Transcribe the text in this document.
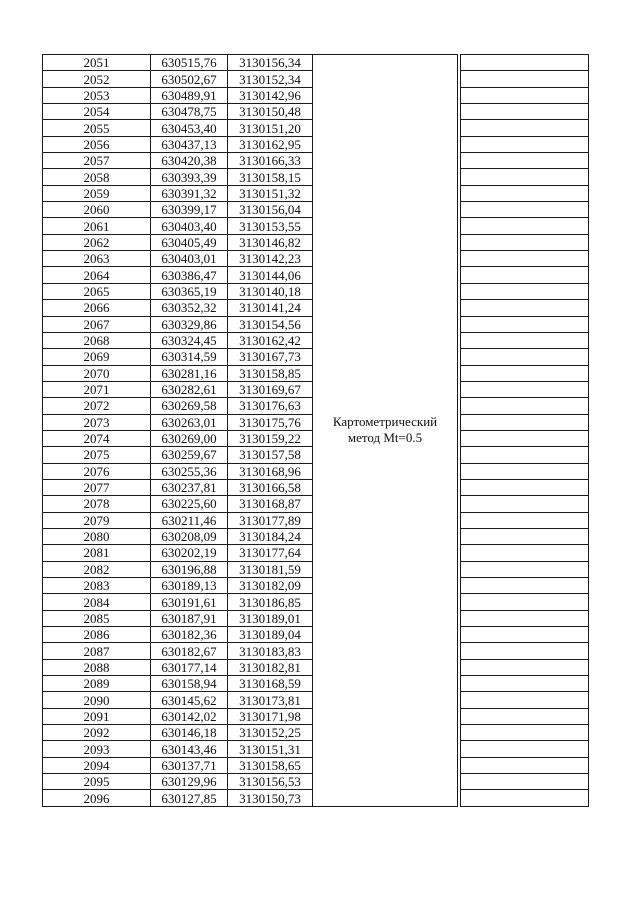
2051	630515,76	3130156,34	Картометрический метод Mt=0.5		
2052	630502,67	3130152,34			
2053	630489,91	3130142,96			
2054	630478,75	3130150,48			
2055	630453,40	3130151,20			
2056	630437,13	3130162,95			
2057	630420,38	3130166,33			
2058	630393,39	3130158,15			
2059	630391,32	3130151,32			
2060	630399,17	3130156,04			
2061	630403,40	3130153,55			
2062	630405,49	3130146,82			
2063	630403,01	3130142,23			
2064	630386,47	3130144,06			
2065	630365,19	3130140,18			
2066	630352,32	3130141,24			
2067	630329,86	3130154,56			
2068	630324,45	3130162,42			
2069	630314,59	3130167,73			
2070	630281,16	3130158,85			
2071	630282,61	3130169,67			
2072	630269,58	3130176,63			
2073	630263,01	3130175,76			
2074	630269,00	3130159,22			
2075	630259,67	3130157,58			
2076	630255,36	3130168,96			
2077	630237,81	3130166,58			
2078	630225,60	3130168,87			
2079	630211,46	3130177,89			
2080	630208,09	3130184,24			
2081	630202,19	3130177,64			
2082	630196,88	3130181,59			
2083	630189,13	3130182,09			
2084	630191,61	3130186,85			
2085	630187,91	3130189,01			
2086	630182,36	3130189,04			
2087	630182,67	3130183,83			
2088	630177,14	3130182,81			
2089	630158,94	3130168,59			
2090	630145,62	3130173,81			
2091	630142,02	3130171,98			
2092	630146,18	3130152,25			
2093	630143,46	3130151,31			
2094	630137,71	3130158,65			
2095	630129,96	3130156,53			
2096	630127,85	3130150,73			
